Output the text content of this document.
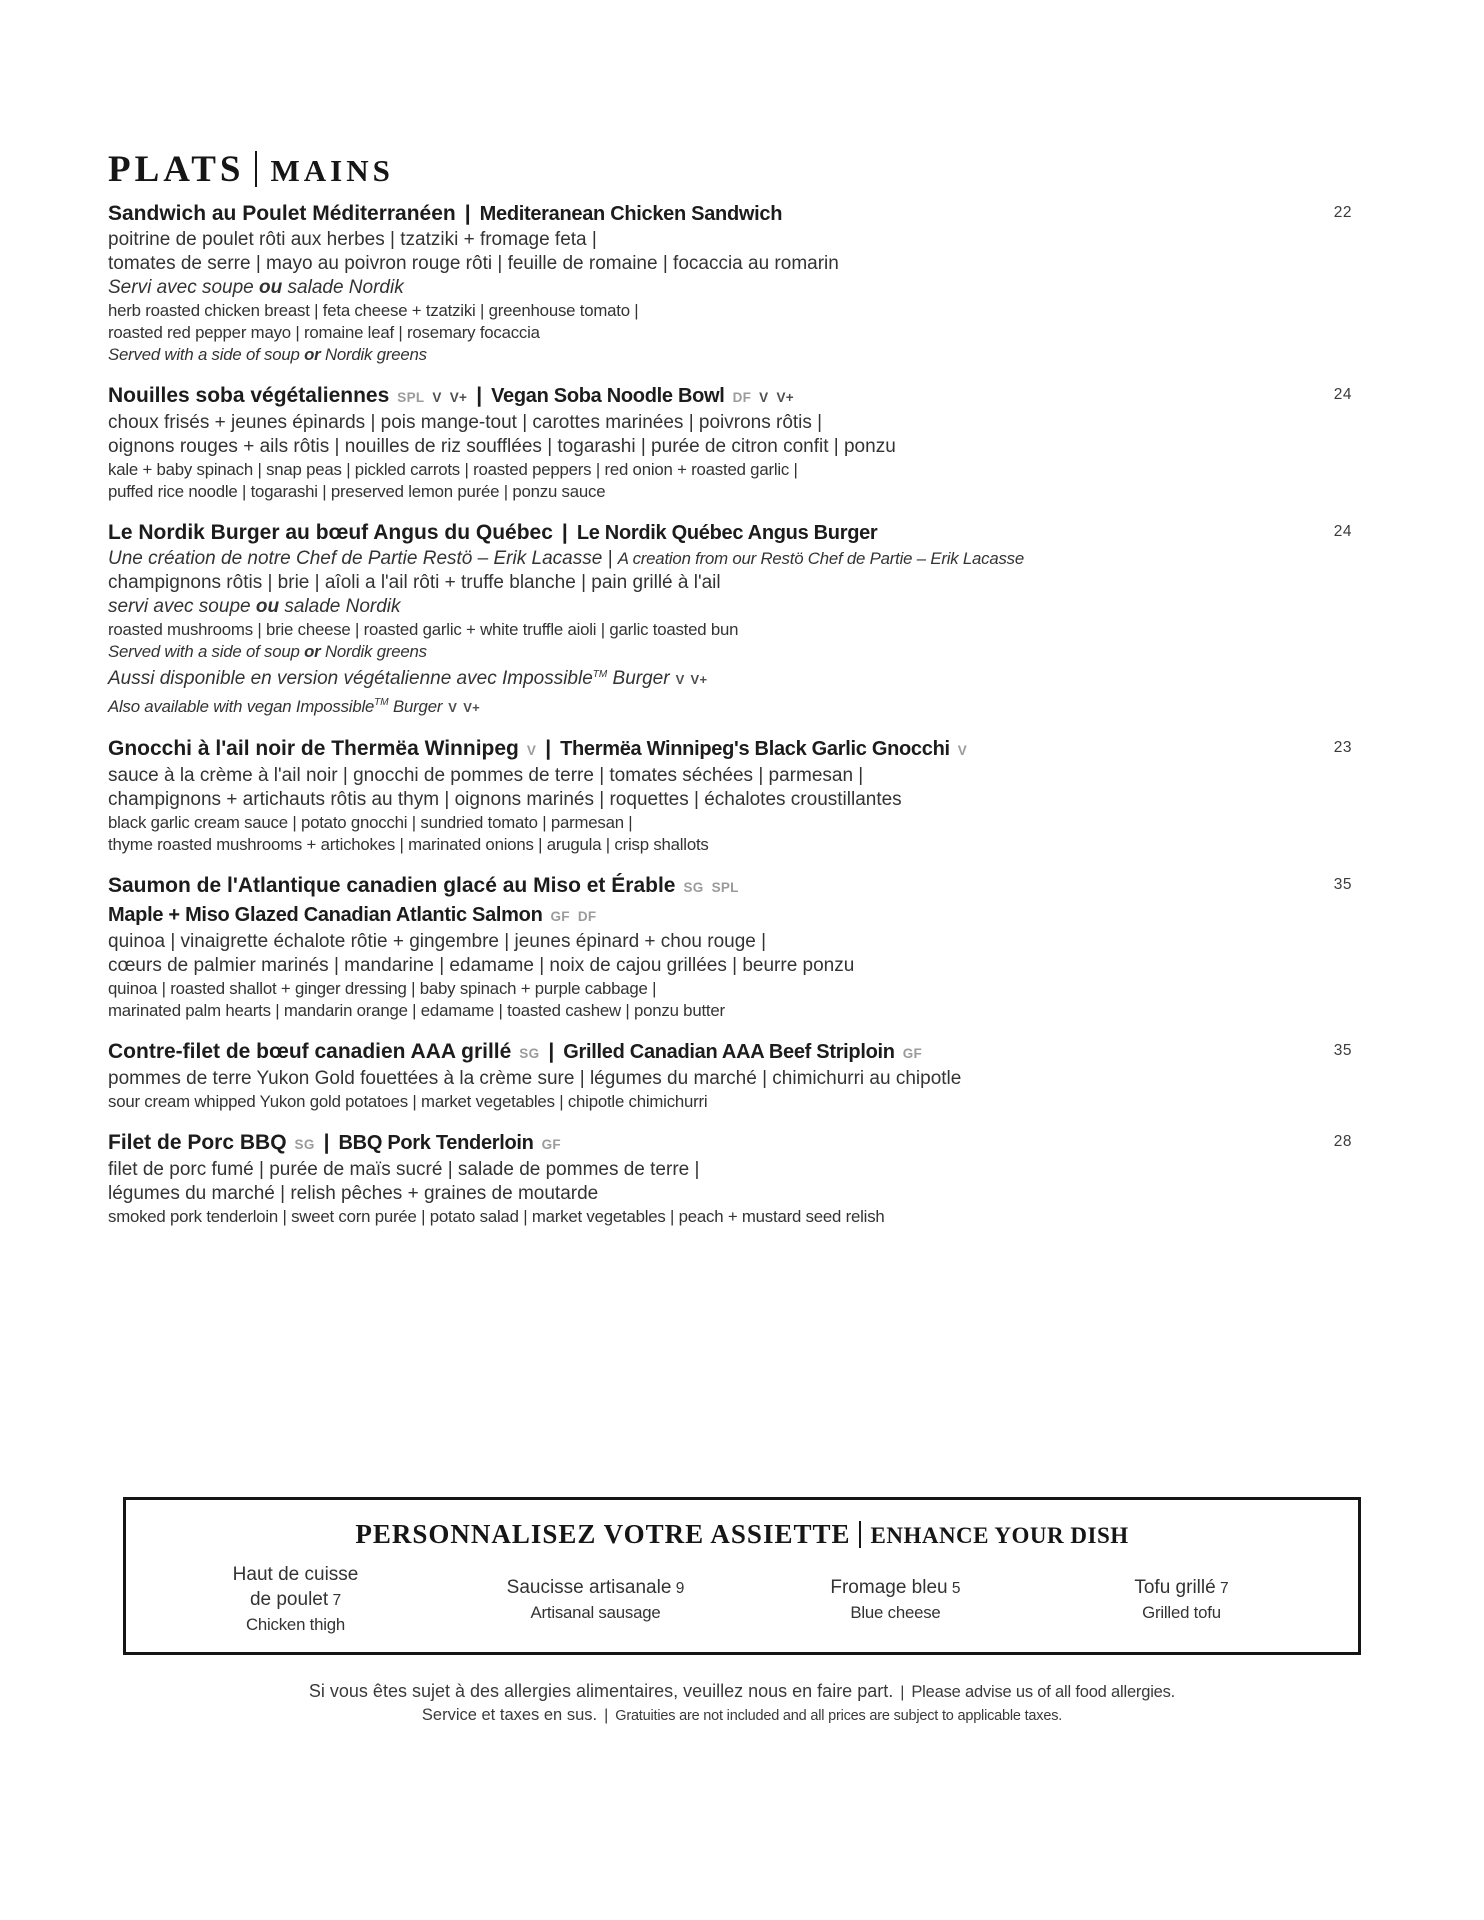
PLATS MAINS
Sandwich au Poulet Méditerranéen | Mediteranean Chicken Sandwich	22
poitrine de poulet rôti aux herbes | tzatziki + fromage feta |
tomates de serre | mayo au poivron rouge rôti | feuille de romaine | focaccia au romarin
Servi avec soupe ou salade Nordik
herb roasted chicken breast | feta cheese + tzatziki | greenhouse tomato |
roasted red pepper mayo | romaine leaf | rosemary focaccia
Served with a side of soup or Nordik greens
Nouilles soba végétaliennes SPL V V+ | Vegan Soba Noodle Bowl DF V V+	24
choux frisés + jeunes épinards | pois mange-tout | carottes marinées | poivrons rôtis |
oignons rouges + ails rôtis | nouilles de riz soufflées | togarashi | purée de citron confit | ponzu
kale + baby spinach | snap peas | pickled carrots | roasted peppers | red onion + roasted garlic |
puffed rice noodle | togarashi | preserved lemon purée | ponzu sauce
Le Nordik Burger au bœuf Angus du Québec | Le Nordik Québec Angus Burger	24
Une création de notre Chef de Partie Restö – Erik Lacasse | A creation from our Restö Chef de Partie – Erik Lacasse
champignons rôtis | brie | aîoli a l'ail rôti + truffe blanche | pain grillé à l'ail
servi avec soupe ou salade Nordik
roasted mushrooms | brie cheese | roasted garlic + white truffle aioli | garlic toasted bun
Served with a side of soup or Nordik greens
Aussi disponible en version végétalienne avec Impossible™ Burger V V+
Also available with vegan Impossible™ Burger V V+
Gnocchi à l'ail noir de Thermëa Winnipeg V | Thermëa Winnipeg's Black Garlic Gnocchi V	23
sauce à la crème à l'ail noir | gnocchi de pommes de terre | tomates séchées | parmesan |
champignons + artichauts rôtis au thym | oignons marinés | roquettes | échalotes croustillantes
black garlic cream sauce | potato gnocchi | sundried tomato | parmesan |
thyme roasted mushrooms + artichokes | marinated onions | arugula | crisp shallots
Saumon de l'Atlantique canadien glacé au Miso et Érable SG SPL
Maple + Miso Glazed Canadian Atlantic Salmon GF DF
35
quinoa | vinaigrette échalote rôtie + gingembre | jeunes épinard + chou rouge |
cœurs de palmier marinés | mandarine | edamame | noix de cajou grillées | beurre ponzu
quinoa | roasted shallot + ginger dressing | baby spinach + purple cabbage |
marinated palm hearts | mandarin orange | edamame | toasted cashew | ponzu butter
Contre-filet de bœuf canadien AAA grillé SG | Grilled Canadian AAA Beef Striploin GF	35
pommes de terre Yukon Gold fouettées à la crème sure | légumes du marché | chimichurri au chipotle
sour cream whipped Yukon gold potatoes | market vegetables | chipotle chimichurri
Filet de Porc BBQ SG | BBQ Pork Tenderloin GF	28
filet de porc fumé | purée de maïs sucré | salade de pommes de terre |
légumes du marché | relish pêches + graines de moutarde
smoked pork tenderloin | sweet corn purée | potato salad | market vegetables | peach + mustard seed relish
PERSONNALISEZ VOTRE ASSIETTE ENHANCE YOUR DISH
Haut de cuisse
de poulet 7
Chicken thigh
Saucisse artisanale 9
Artisanal sausage
Fromage bleu 5
Blue cheese
Tofu grillé 7
Grilled tofu
Si vous êtes sujet à des allergies alimentaires, veuillez nous en faire part. | Please advise us of all food allergies.
Service et taxes en sus. | Gratuities are not included and all prices are subject to applicable taxes.
